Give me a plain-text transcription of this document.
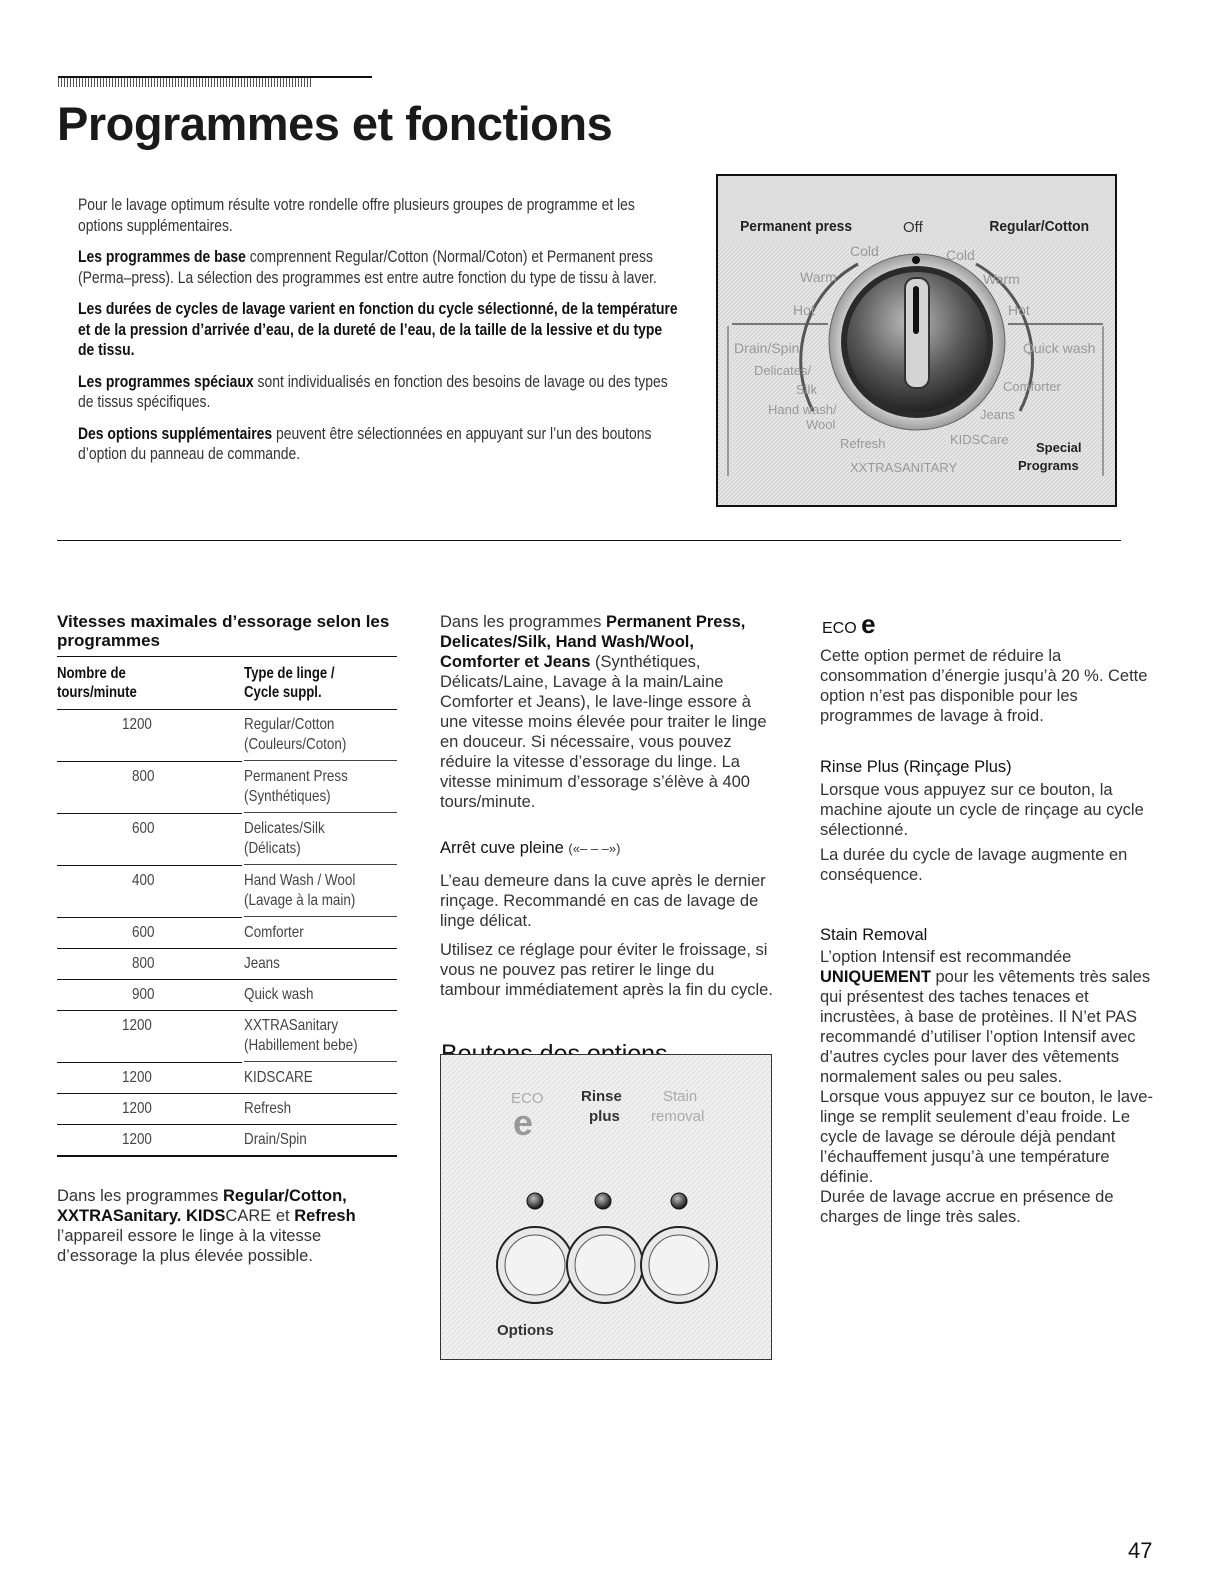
Programmes et fonctions

Pour le lavage optimum résulte votre rondelle offre plusieurs groupes de programme et les options supplémentaires.

Les programmes de base comprennent Regular/Cotton (Normal/Coton) et Permanent press (Perma–press). La sélection des programmes est entre autre fonction du type de tissu à laver.

Les durées de cycles de lavage varient en fonction du cycle sélectionné, de la température et de la pression d’arrivée d’eau, de la dureté de l’eau, de la taille de la lessive et du type de tissu.

Les programmes spéciaux sont individualisés en fonction des besoins de lavage ou des types de tissus spécifiques.

Des options supplémentaires peuvent être sélectionnées en appuyant sur l’un des boutons d’option du panneau de commande.

Permanent press	Off	Regular/Cotton
Cold	Cold
Warm	Warm
Hot	Hot
Drain/Spin	Quick wash
Delicates/
Silk	Comforter
Hand wash/
Wool
Jeans
Refresh	KIDSCare
XXTRASANITARY
Special
Programs
Vitesses maximales d’essorage selon les programmes
Nombre de tours/minute
Type de linge / Cycle suppl.
1200	Regular/Cotton
(Couleurs/Coton)
800	Permanent Press
(Synthétiques)
600	Delicates/Silk
(Délicats)
400	Hand Wash / Wool
(Lavage à la main)
600	Comforter
800	Jeans
900	Quick wash
1200	XXTRASanitary
(Habillement bebe)
1200	KIDSCARE
1200	Refresh
1200	Drain/Spin
Dans les programmes Regular/Cotton, XXTRASanitary. KIDSCARE et Refresh l’appareil essore le linge à la vitesse d’essorage la plus élevée possible.
Dans les programmes Permanent Press, Delicates/Silk, Hand Wash/Wool, Comforter et Jeans (Synthétiques, Délicats/Laine, Lavage à la main/Laine Comforter et Jeans), le lave-linge essore à une vitesse moins élevée pour traiter le linge en douceur. Si nécessaire, vous pouvez réduire la vitesse d’essorage du linge. La vitesse minimum d’essorage s’élève à 400 tours/minute.
Arrêt cuve pleine («– – –»)
L’eau demeure dans la cuve après le dernier rinçage. Recommandé en cas de lavage de linge délicat.
Utilisez ce réglage pour éviter le froissage, si vous ne pouvez pas retirer le linge du tambour immédiatement après la fin du cycle.
ECO
e
Rinse
plus
Stain
removal
Options
ECO e
Cette option permet de réduire la consommation d’énergie jusqu’à 20 %. Cette option n’est pas disponible pour les programmes de lavage à froid.
Rinse Plus (Rinçage Plus)
Lorsque vous appuyez sur ce bouton, la machine ajoute un cycle de rinçage au cycle sélectionné.
La durée du cycle de lavage augmente en conséquence.
Stain Removal
L’option Intensif est recommandée UNIQUEMENT pour les vêtements très sales qui présentest des taches tenaces et incrustèes, à base de protèines. Il N’et PAS recommandé d’utiliser l’option Intensif avec d’autres cycles pour laver des vêtements normalement sales ou peu sales.
Lorsque vous appuyez sur ce bouton, le lave-linge se remplit seulement d’eau froide. Le cycle de lavage se déroule déjà pendant l’échauffement jusqu’à une température définie.
Durée de lavage accrue en présence de charges de linge très sales.
47
